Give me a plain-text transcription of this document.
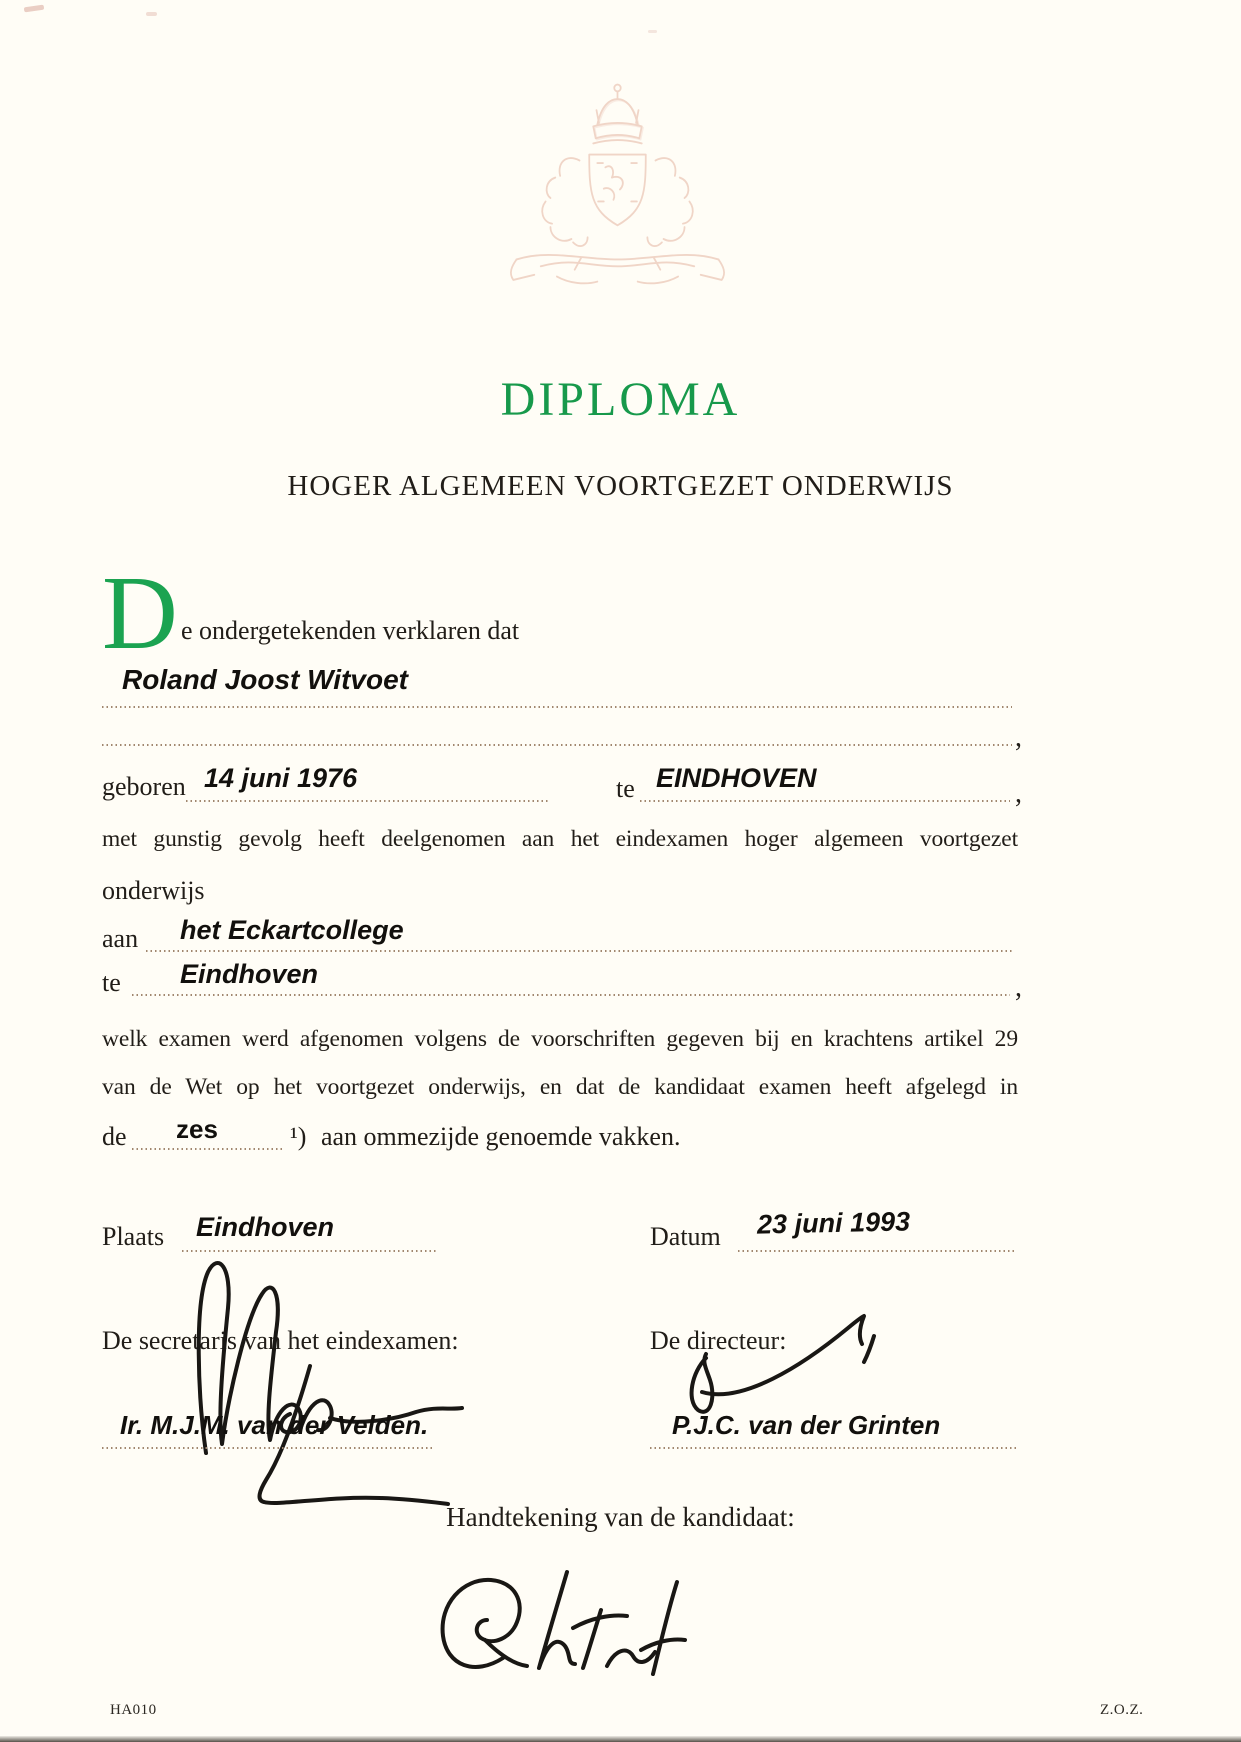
DIPLOMA
HOGER ALGEMEEN VOORTGEZET ONDERWIJS
D e ondergetekenden verklaren dat
Roland Joost Witvoet
,
geboren 14 juni 1976	te EINDHOVEN	,
met gunstig gevolg heeft deelgenomen aan het eindexamen hoger algemeen voortgezet
onderwijs
aan het Eckartcollege
te Eindhoven	,
welk examen werd afgenomen volgens de voorschriften gegeven bij en krachtens artikel 29
van de Wet op het voortgezet onderwijs, en dat de kandidaat examen heeft afgelegd in
de zes	¹) aan ommezijde genoemde vakken.
Plaats Eindhoven	Datum 23 juni 1993
De secretaris van het eindexamen:	De directeur:
Ir. M.J.M. van der Velden.	P.J.C. van der Grinten
Handtekening van de kandidaat:
HA010	Z.O.Z.
